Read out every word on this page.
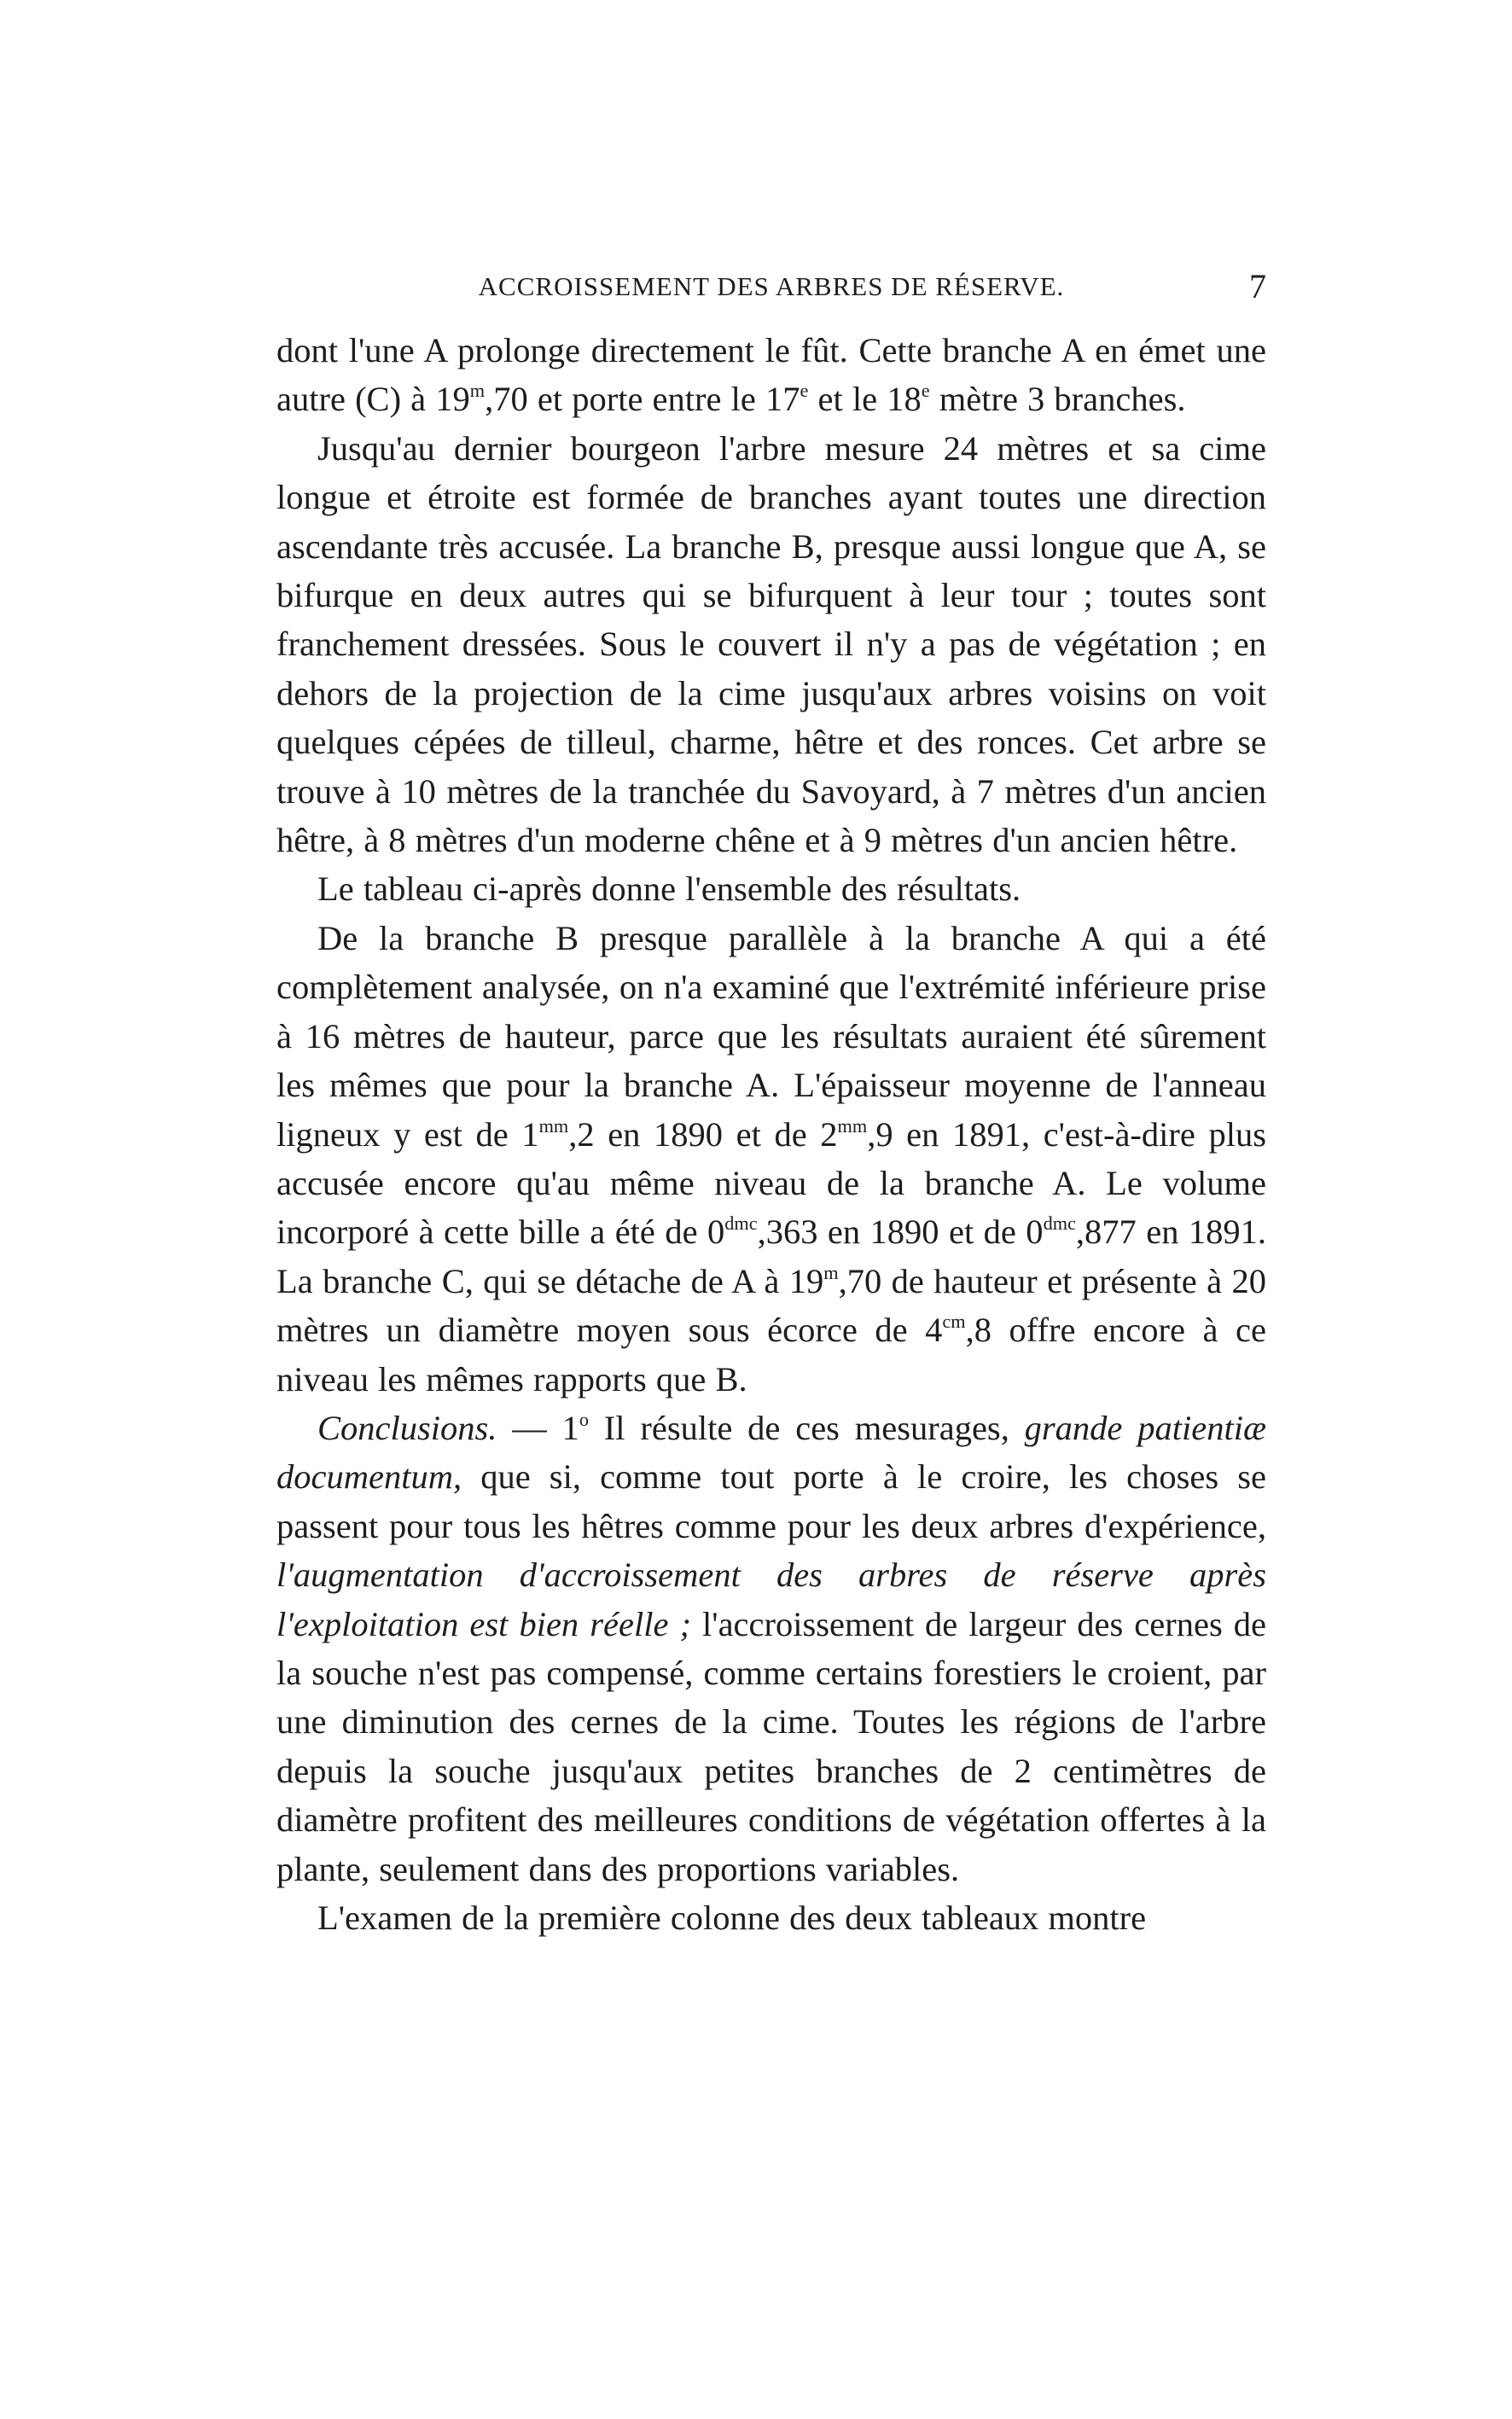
ACCROISSEMENT DES ARBRES DE RÉSERVE.	7

dont l'une A prolonge directement le fût. Cette branche A en émet une autre (C) à 19$^m$,70 et porte entre le 17e et le 18e mètre 3 branches.

Jusqu'au dernier bourgeon l'arbre mesure 24 mètres et sa cime longue et étroite est formée de branches ayant toutes une direction ascendante très accusée. La branche B, presque aussi longue que A, se bifurque en deux autres qui se bifurquent à leur tour ; toutes sont franchement dressées. Sous le couvert il n'y a pas de végétation ; en dehors de la projection de la cime jusqu'aux arbres voisins on voit quelques cépées de tilleul, charme, hêtre et des ronces. Cet arbre se trouve à 10 mètres de la tranchée du Savoyard, à 7 mètres d'un ancien hêtre, à 8 mètres d'un moderne chêne et à 9 mètres d'un ancien hêtre.

Le tableau ci-après donne l'ensemble des résultats.

De la branche B presque parallèle à la branche A qui a été complètement analysée, on n'a examiné que l'extrémité inférieure prise à 16 mètres de hauteur, parce que les résultats auraient été sûrement les mêmes que pour la branche A. L'épaisseur moyenne de l'anneau ligneux y est de $1^{mm},2$ en 1890 et de $2^{mm},9$ en 1891, c'est-à-dire plus accusée encore qu'au même niveau de la branche A. Le volume incorporé à cette bille a été de $0^{dmc},363$ en 1890 et de $0^{dmc},877$ en 1891. La branche C, qui se détache de A à 19$^m$,70 de hauteur et présente à 20 mètres un diamètre moyen sous écorce de $4^{cm},8$ offre encore à ce niveau les mêmes rapports que B.

Conclusions. — 1$^o$ Il résulte de ces mesurages, grande patientiæ documentum, que si, comme tout porte à le croire, les choses se passent pour tous les hêtres comme pour les deux arbres d'expérience, l'augmentation d'accroissement des arbres de réserve après l'exploitation est bien réelle ; l'accroissement de largeur des cernes de la souche n'est pas compensé, comme certains forestiers le croient, par une diminution des cernes de la cime. Toutes les régions de l'arbre depuis la souche jusqu'aux petites branches de 2 centimètres de diamètre profitent des meilleures conditions de végétation offertes à la plante, seulement dans des proportions variables.

L'examen de la première colonne des deux tableaux montre
